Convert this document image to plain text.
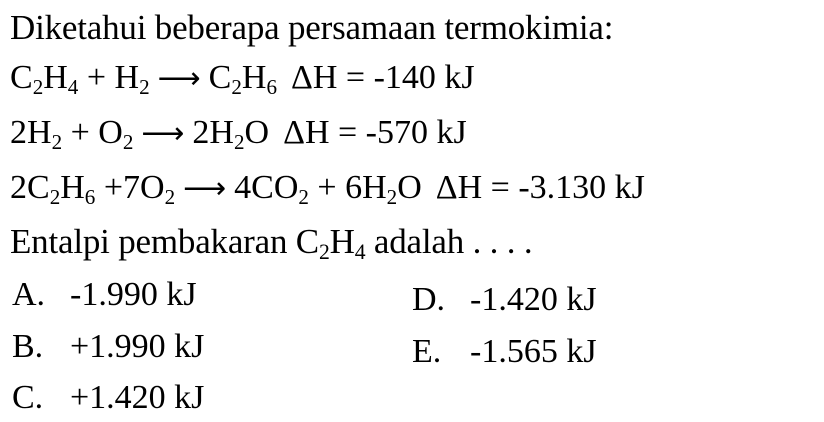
Diketahui beberapa persamaan termokimia:
$C_2H_4 + H_2$ ⟶ $C_2H_6$ ΔH = -140 kJ
$2H_2 + O_2$ ⟶ $2H_2O$ ΔH = -570 kJ
$2C_2H_6 +7O_2$ ⟶ $4CO_2 + 6H_2O$ ΔH = -3.130 kJ
Entalpi pembakaran $C_2H_4$ adalah . . . .
A. -1.990 kJ
B. +1.990 kJ
C. +1.420 kJ
D. -1.420 kJ
E. -1.565 kJ
